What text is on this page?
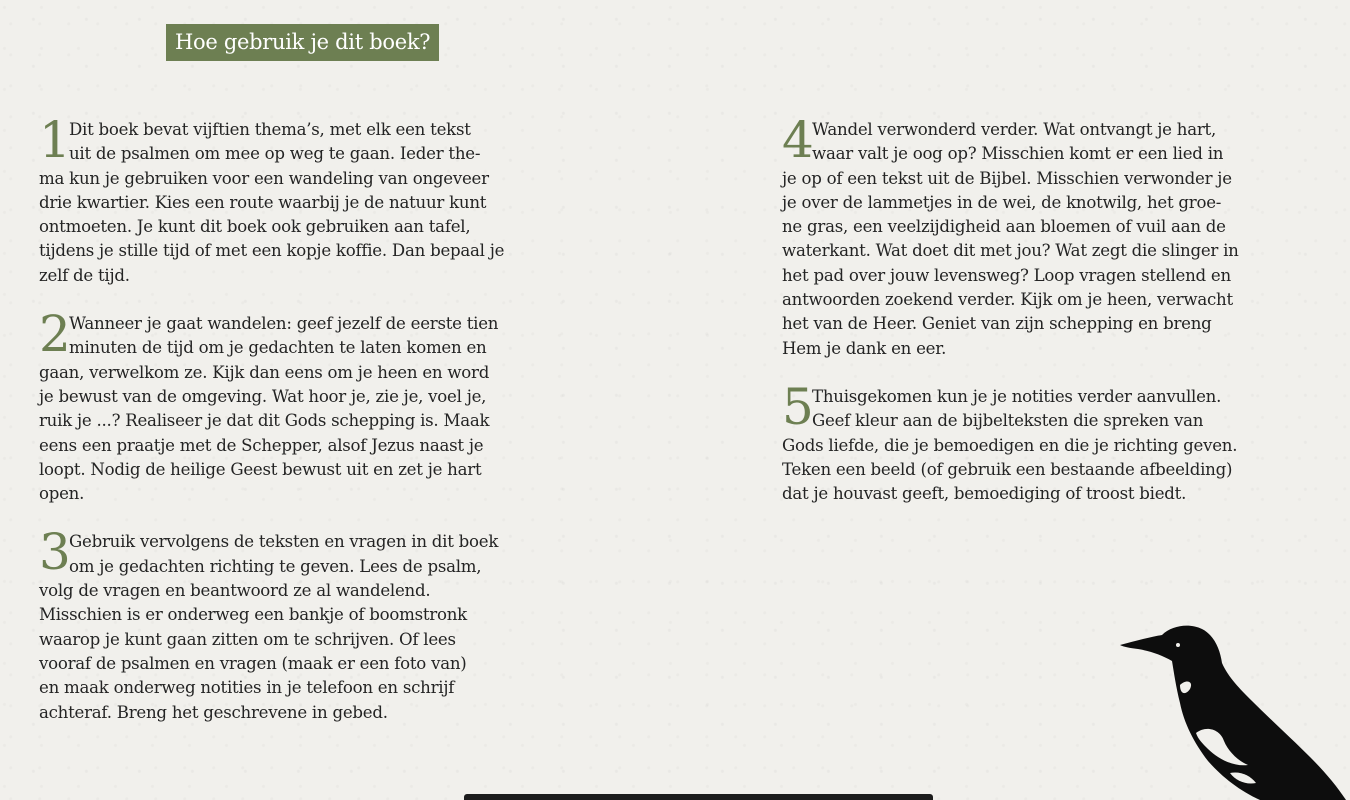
Hoe gebruik je dit boek?
1
Dit boek bevat vijftien thema’s, met elk een tekst
uit de psalmen om mee op weg te gaan. Ieder the-
ma kun je gebruiken voor een wandeling van ongeveer
drie kwartier. Kies een route waarbij je de natuur kunt
ontmoeten. Je kunt dit boek ook gebruiken aan tafel,
tijdens je stille tijd of met een kopje koffie. Dan bepaal je
zelf de tijd.
2
Wanneer je gaat wandelen: geef jezelf de eerste tien
minuten de tijd om je gedachten te laten komen en
gaan, verwelkom ze. Kijk dan eens om je heen en word
je bewust van de omgeving. Wat hoor je, zie je, voel je,
ruik je ...? Realiseer je dat dit Gods schepping is. Maak
eens een praatje met de Schepper, alsof Jezus naast je
loopt. Nodig de heilige Geest bewust uit en zet je hart
open.
3
Gebruik vervolgens de teksten en vragen in dit boek
om je gedachten richting te geven. Lees de psalm,
volg de vragen en beantwoord ze al wandelend.
Misschien is er onderweg een bankje of boomstronk
waarop je kunt gaan zitten om te schrijven. Of lees
vooraf de psalmen en vragen (maak er een foto van)
en maak onderweg notities in je telefoon en schrijf
achteraf. Breng het geschrevene in gebed.
4
Wandel verwonderd verder. Wat ontvangt je hart,
waar valt je oog op? Misschien komt er een lied in
je op of een tekst uit de Bijbel. Misschien verwonder je
je over de lammetjes in de wei, de knotwilg, het groe-
ne gras, een veelzijdigheid aan bloemen of vuil aan de
waterkant. Wat doet dit met jou? Wat zegt die slinger in
het pad over jouw levensweg? Loop vragen stellend en
antwoorden zoekend verder. Kijk om je heen, verwacht
het van de Heer. Geniet van zijn schepping en breng
Hem je dank en eer.
5
Thuisgekomen kun je je notities verder aanvullen.
Geef kleur aan de bijbelteksten die spreken van
Gods liefde, die je bemoedigen en die je richting geven.
Teken een beeld (of gebruik een bestaande afbeelding)
dat je houvast geeft, bemoediging of troost biedt.
